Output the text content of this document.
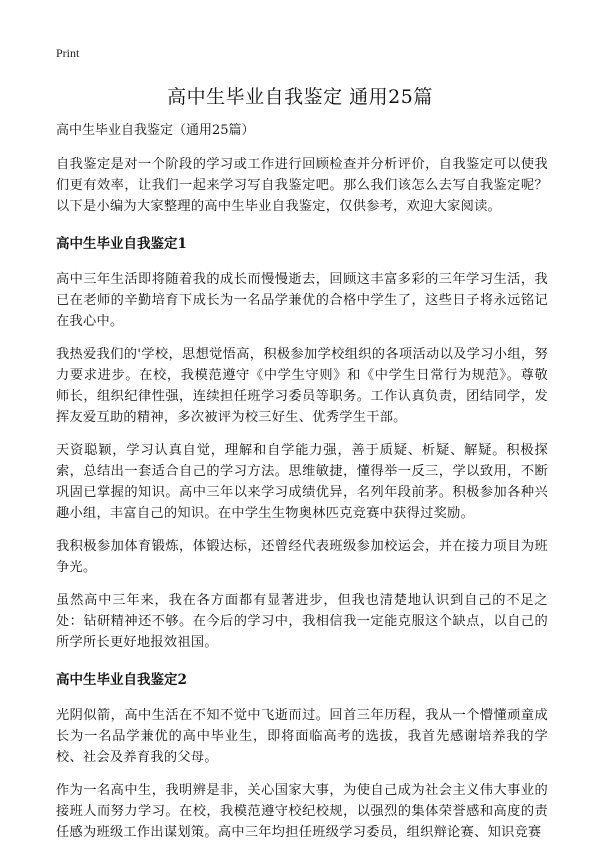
Print
高中生毕业自我鉴定 通用25篇

高中生毕业自我鉴定（通用25篇）

自我鉴定是对一个阶段的学习或工作进行回顾检查并分析评价，自我鉴定可以使我们更有效率，让我们一起来学习写自我鉴定吧。那么我们该怎么去写自我鉴定呢？以下是小编为大家整理的高中生毕业自我鉴定，仅供参考，欢迎大家阅读。

高中生毕业自我鉴定1

高中三年生活即将随着我的成长而慢慢逝去，回顾这丰富多彩的三年学习生活，我已在老师的辛勤培育下成长为一名品学兼优的合格中学生了，这些日子将永远铭记在我心中。

我热爱我们的'学校，思想觉悟高，积极参加学校组织的各项活动以及学习小组，努力要求进步。在校，我模范遵守《中学生守则》和《中学生日常行为规范》。尊敬师长，组织纪律性强，连续担任班学习委员等职务。工作认真负责，团结同学，发挥友爱互助的精神，多次被评为校三好生、优秀学生干部。

天资聪颖，学习认真自觉，理解和自学能力强，善于质疑、析疑、解疑。积极探索，总结出一套适合自己的学习方法。思维敏捷，懂得举一反三，学以致用，不断巩固已掌握的知识。高中三年以来学习成绩优异，名列年段前茅。积极参加各种兴趣小组，丰富自己的知识。在中学生生物奥林匹克竞赛中获得过奖励。

我积极参加体育锻炼，体锻达标，还曾经代表班级参加校运会，并在接力项目为班争光。

虽然高中三年来，我在各方面都有显著进步，但我也清楚地认识到自己的不足之处：钻研精神还不够。在今后的学习中，我相信我一定能克服这个缺点，以自己的所学所长更好地报效祖国。

高中生毕业自我鉴定2

光阴似箭，高中生活在不知不觉中飞逝而过。回首三年历程，我从一个懵懂顽童成长为一名品学兼优的高中毕业生，即将面临高考的选拔，我首先感谢培养我的学校、社会及养育我的父母。

作为一名高中生，我明辨是非，关心国家大事，为使自己成为社会主义伟大事业的接班人而努力学习。在校，我模范遵守校纪校规，以强烈的集体荣誉感和高度的责任感为班级工作出谋划策。高中三年均担任班级学习委员，组织辩论赛、知识竞赛
